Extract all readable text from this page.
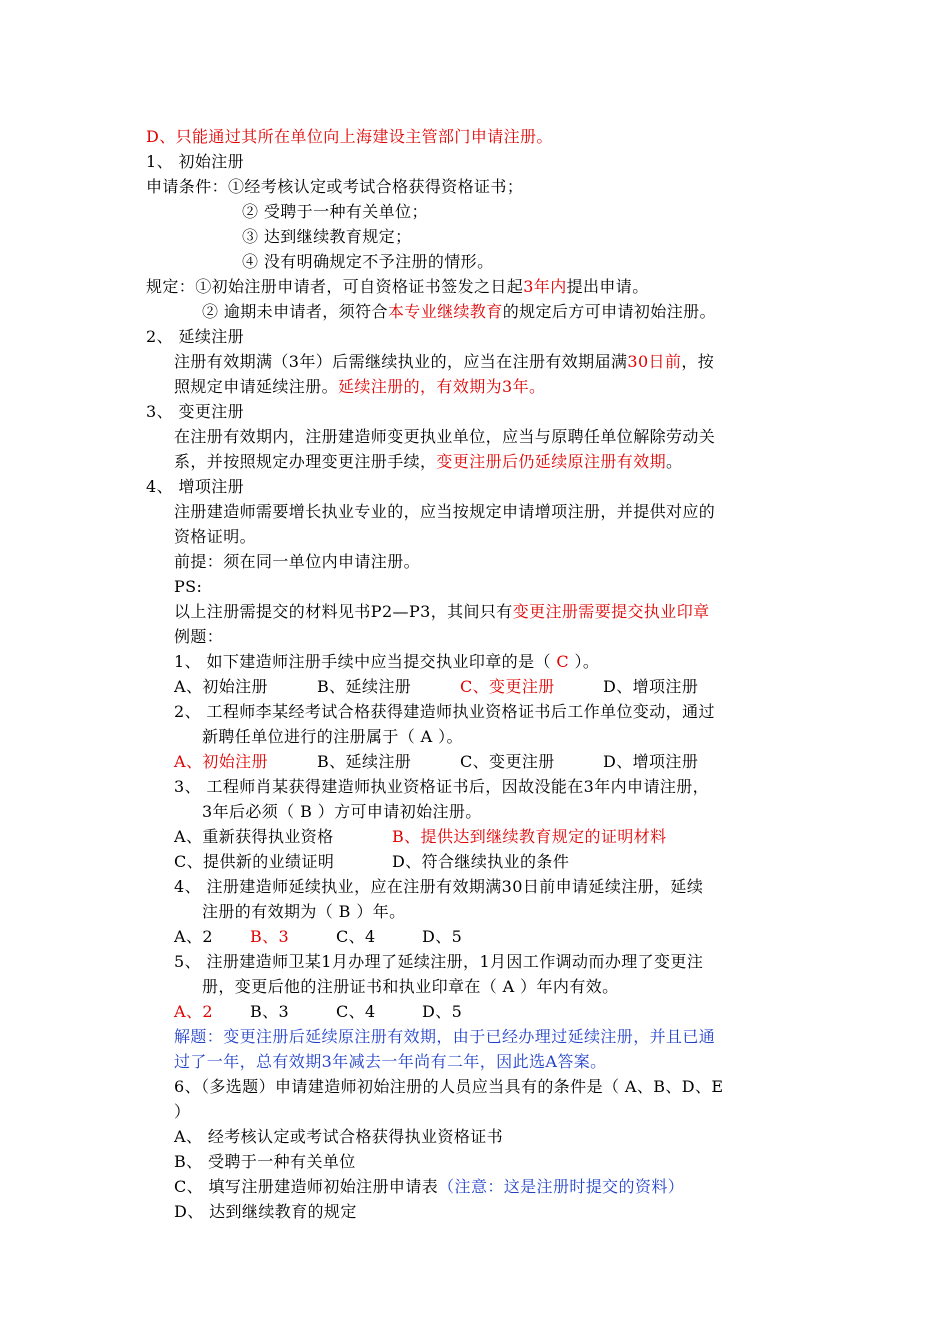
D、只能通过其所在单位向上海建设主管部门申请注册。
1、 初始注册
申请条件：①经考核认定或考试合格获得资格证书；
② 受聘于一种有关单位；
③ 达到继续教育规定；
④ 没有明确规定不予注册的情形。
规定：①初始注册申请者，可自资格证书签发之日起3年内提出申请。
② 逾期未申请者，须符合本专业继续教育的规定后方可申请初始注册。
2、 延续注册
注册有效期满（3年）后需继续执业的，应当在注册有效期届满30日前，按
照规定申请延续注册。延续注册的，有效期为3年。
3、 变更注册
在注册有效期内，注册建造师变更执业单位，应当与原聘任单位解除劳动关
系，并按照规定办理变更注册手续，变更注册后仍延续原注册有效期。
4、 增项注册
注册建造师需要增长执业专业的，应当按规定申请增项注册，并提供对应的
资格证明。
前提：须在同一单位内申请注册。
PS:
以上注册需提交的材料见书P2—P3，其间只有变更注册需要提交执业印章
例题：
1、 如下建造师注册手续中应当提交执业印章的是（ C ）。
A、初始注册	B、延续注册	C、变更注册	D、增项注册
2、 工程师李某经考试合格获得建造师执业资格证书后工作单位变动，通过
新聘任单位进行的注册属于（ A ）。
A、初始注册	B、延续注册	C、变更注册	D、增项注册
3、 工程师肖某获得建造师执业资格证书后，因故没能在3年内申请注册，
3年后必须（ B ）方可申请初始注册。
A、重新获得执业资格	B、提供达到继续教育规定的证明材料
C、提供新的业绩证明	D、符合继续执业的条件
4、 注册建造师延续执业，应在注册有效期满30日前申请延续注册，延续
注册的有效期为（ B ）年。
A、2 B、3	C、4	D、5
5、 注册建造师卫某1月办理了延续注册，1月因工作调动而办理了变更注
册，变更后他的注册证书和执业印章在（ A ）年内有效。
A、2 B、3	C、4	D、5
解题：变更注册后延续原注册有效期，由于已经办理过延续注册，并且已通
过了一年，总有效期3年减去一年尚有二年，因此选A答案。
6、（多选题）申请建造师初始注册的人员应当具有的条件是（ A、B、D、E
）
A、 经考核认定或考试合格获得执业资格证书
B、 受聘于一种有关单位
C、 填写注册建造师初始注册申请表（注意：这是注册时提交的资料）
D、 达到继续教育的规定
